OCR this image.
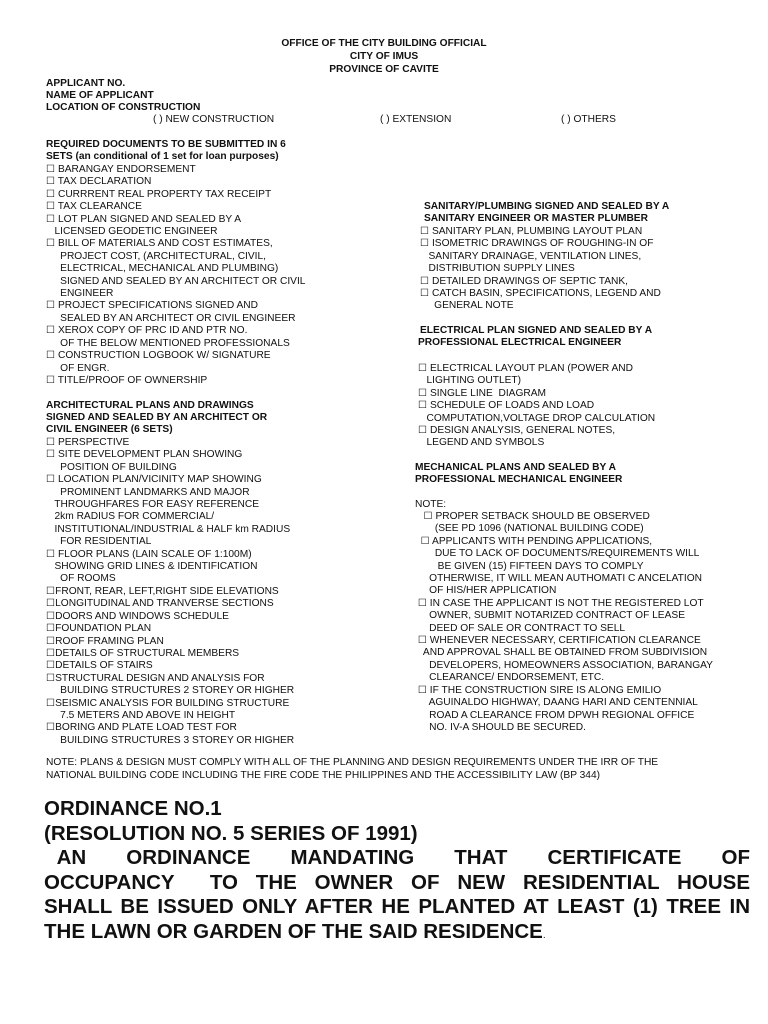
OFFICE OF THE CITY BUILDING OFFICIAL
CITY OF IMUS
PROVINCE OF CAVITE
APPLICANT NO.
NAME OF APPLICANT
LOCATION OF CONSTRUCTION
( ) NEW CONSTRUCTION	( ) EXTENSION	( ) OTHERS
REQUIRED DOCUMENTS TO BE SUBMITTED IN 6
SETS (an conditional of 1 set for loan purposes)
☐ BARANGAY ENDORSEMENT
☐ TAX DECLARATION
☐ CURRRENT REAL PROPERTY TAX RECEIPT
☐ TAX CLEARANCE
☐ LOT PLAN SIGNED AND SEALED BY A
LICENSED GEODETIC ENGINEER
☐ BILL OF MATERIALS AND COST ESTIMATES,
PROJECT COST, (ARCHITECTURAL, CIVIL,
ELECTRICAL, MECHANICAL AND PLUMBING)
SIGNED AND SEALED BY AN ARCHITECT OR CIVIL
ENGINEER
☐ PROJECT SPECIFICATIONS SIGNED AND
SEALED BY AN ARCHITECT OR CIVIL ENGINEER
☐ XEROX COPY OF PRC ID AND PTR NO.
OF THE BELOW MENTIONED PROFESSIONALS
☐ CONSTRUCTION LOGBOOK W/ SIGNATURE
OF ENGR.
☐ TITLE/PROOF OF OWNERSHIP
ARCHITECTURAL PLANS AND DRAWINGS
SIGNED AND SEALED BY AN ARCHITECT OR
CIVIL ENGINEER (6 SETS)
☐ PERSPECTIVE
☐ SITE DEVELOPMENT PLAN SHOWING
POSITION OF BUILDING
☐ LOCATION PLAN/VICINITY MAP SHOWING
PROMINENT LANDMARKS AND MAJOR
THROUGHFARES FOR EASY REFERENCE
2km RADIUS FOR COMMERCIAL/
INSTITUTIONAL/INDUSTRIAL & HALF km RADIUS
FOR RESIDENTIAL
☐ FLOOR PLANS (LAIN SCALE OF 1:100M)
SHOWING GRID LINES & IDENTIFICATION
OF ROOMS
☐FRONT, REAR, LEFT,RIGHT SIDE ELEVATIONS
☐LONGITUDINAL AND TRANVERSE SECTIONS
☐DOORS AND WINDOWS SCHEDULE
☐FOUNDATION PLAN
☐ROOF FRAMING PLAN
☐DETAILS OF STRUCTURAL MEMBERS
☐DETAILS OF STAIRS
☐STRUCTURAL DESIGN AND ANALYSIS FOR
BUILDING STRUCTURES 2 STOREY OR HIGHER
☐SEISMIC ANALYSIS FOR BUILDING STRUCTURE
7.5 METERS AND ABOVE IN HEIGHT
☐BORING AND PLATE LOAD TEST FOR
BUILDING STRUCTURES 3 STOREY OR HIGHER
SANITARY/PLUMBING SIGNED AND SEALED BY A
SANITARY ENGINEER OR MASTER PLUMBER
☐ SANITARY PLAN, PLUMBING LAYOUT PLAN
☐ ISOMETRIC DRAWINGS OF ROUGHING-IN OF
SANITARY DRAINAGE, VENTILATION LINES,
DISTRIBUTION SUPPLY LINES
☐ DETAILED DRAWINGS OF SEPTIC TANK,
☐ CATCH BASIN, SPECIFICATIONS, LEGEND AND
GENERAL NOTE
ELECTRICAL PLAN SIGNED AND SEALED BY A
PROFESSIONAL ELECTRICAL ENGINEER
☐ ELECTRICAL LAYOUT PLAN (POWER AND
LIGHTING OUTLET)
☐ SINGLE LINE  DIAGRAM
☐ SCHEDULE OF LOADS AND LOAD
COMPUTATION,VOLTAGE DROP CALCULATION
☐ DESIGN ANALYSIS, GENERAL NOTES,
LEGEND AND SYMBOLS
MECHANICAL PLANS AND SEALED BY A
PROFESSIONAL MECHANICAL ENGINEER
NOTE:
☐ PROPER SETBACK SHOULD BE OBSERVED
(SEE PD 1096 (NATIONAL BUILDING CODE)
☐ APPLICANTS WITH PENDING APPLICATIONS,
DUE TO LACK OF DOCUMENTS/REQUIREMENTS WILL
BE GIVEN (15) FIFTEEN DAYS TO COMPLY
OTHERWISE, IT WILL MEAN AUTHOMATI C ANCELATION
OF HIS/HER APPLICATION
☐ IN CASE THE APPLICANT IS NOT THE REGISTERED LOT
OWNER, SUBMIT NOTARIZED CONTRACT OF LEASE
DEED OF SALE OR CONTRACT TO SELL
☐ WHENEVER NECESSARY, CERTIFICATION CLEARANCE
AND APPROVAL SHALL BE OBTAINED FROM SUBDIVISION
DEVELOPERS, HOMEOWNERS ASSOCIATION, BARANGAY
CLEARANCE/ ENDORSEMENT, ETC.
☐ IF THE CONSTRUCTION SIRE IS ALONG EMILIO
AGUINALDO HIGHWAY, DAANG HARI AND CENTENNIAL
ROAD A CLEARANCE FROM DPWH REGIONAL OFFICE
NO. IV-A SHOULD BE SECURED.
NOTE: PLANS & DESIGN MUST COMPLY WITH ALL OF THE PLANNING AND DESIGN REQUIREMENTS UNDER THE IRR OF THE
NATIONAL BUILDING CODE INCLUDING THE FIRE CODE THE PHILIPPINES AND THE ACCESSIBILITY LAW (BP 344)
ORDINANCE NO.1
(RESOLUTION NO. 5 SERIES OF 1991)
AN   ORDINANCE   MANDATING   THAT   CERTIFICATE   OF
OCCUPANCY  TO THE OWNER OF NEW RESIDENTIAL HOUSE
SHALL BE ISSUED ONLY AFTER HE PLANTED AT LEAST (1) TREE IN
THE LAWN OR GARDEN OF THE SAID RESIDENCE.
